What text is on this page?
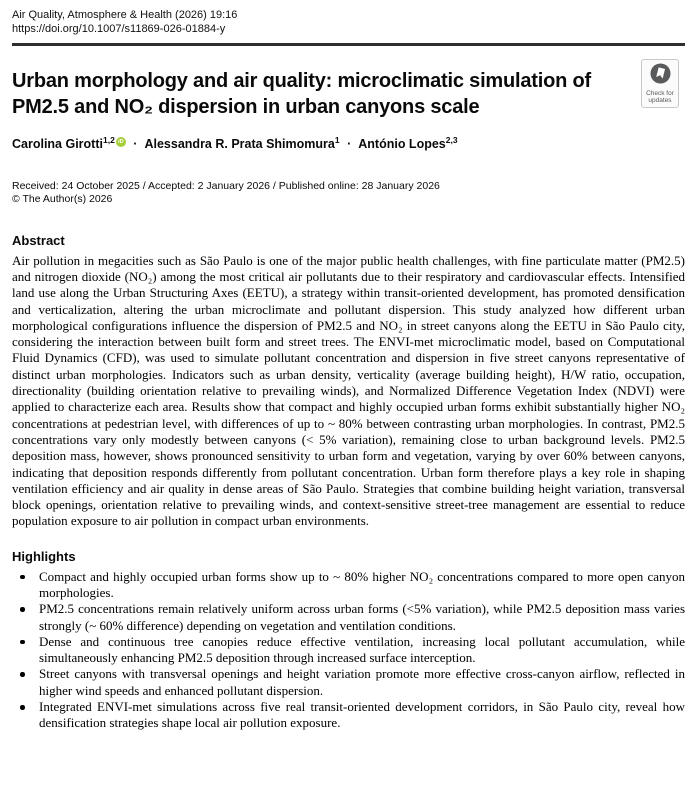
Air Quality, Atmosphere & Health (2026) 19:16
https://doi.org/10.1007/s11869-026-01884-y
Check for
updates
Urban morphology and air quality: microclimatic simulation of PM2.5 and NO₂ dispersion in urban canyons scale
Carolina Girotti$^{1,2}$ iD · Alessandra R. Prata Shimomura$^1$ · António Lopes$^{2,3}$
Received: 24 October 2025 / Accepted: 2 January 2026 / Published online: 28 January 2026
© The Author(s) 2026
Abstract

Air pollution in megacities such as São Paulo is one of the major public health challenges, with fine particulate matter (PM2.5) and nitrogen dioxide (NO₂) among the most critical air pollutants due to their respiratory and cardiovascular effects. Intensified land use along the Urban Structuring Axes (EETU), a strategy within transit-oriented development, has promoted densification and verticalization, altering the urban microclimate and pollutant dispersion. This study analyzed how different urban morphological configurations influence the dispersion of PM2.5 and NO₂ in street canyons along the EETU in São Paulo city, considering the interaction between built form and street trees. The ENVI-met microclimatic model, based on Computational Fluid Dynamics (CFD), was used to simulate pollutant concentration and dispersion in five street canyons representative of distinct urban morphologies. Indicators such as urban density, verticality (average building height), H/W ratio, occupation, directionality (building orientation relative to prevailing winds), and Normalized Difference Vegetation Index (NDVI) were applied to characterize each area. Results show that compact and highly occupied urban forms exhibit substantially higher NO₂ concentrations at pedestrian level, with differences of up to ~ 80% between contrasting urban morphologies. In contrast, PM2.5 concentrations vary only modestly between canyons (< 5% variation), remaining close to urban background levels. PM2.5 deposition mass, however, shows pronounced sensitivity to urban form and vegetation, varying by over 60% between canyons, indicating that deposition responds differently from pollutant concentration. Urban form therefore plays a key role in shaping ventilation efficiency and air quality in dense areas of São Paulo. Strategies that combine building height variation, transversal block openings, orientation relative to prevailing winds, and context-sensitive street-tree management are essential to reduce population exposure to air pollution in compact urban environments.

Highlights
Compact and highly occupied urban forms show up to ~ 80% higher NO₂ concentrations compared to more open canyon morphologies.
PM2.5 concentrations remain relatively uniform across urban forms (<5% variation), while PM2.5 deposition mass varies strongly (~ 60% difference) depending on vegetation and ventilation conditions.
Dense and continuous tree canopies reduce effective ventilation, increasing local pollutant accumulation, while simultaneously enhancing PM2.5 deposition through increased surface interception.
Street canyons with transversal openings and height variation promote more effective cross-canyon airflow, reflected in higher wind speeds and enhanced pollutant dispersion.
Integrated ENVI-met simulations across five real transit-oriented development corridors, in São Paulo city, reveal how densification strategies shape local air pollution exposure.
